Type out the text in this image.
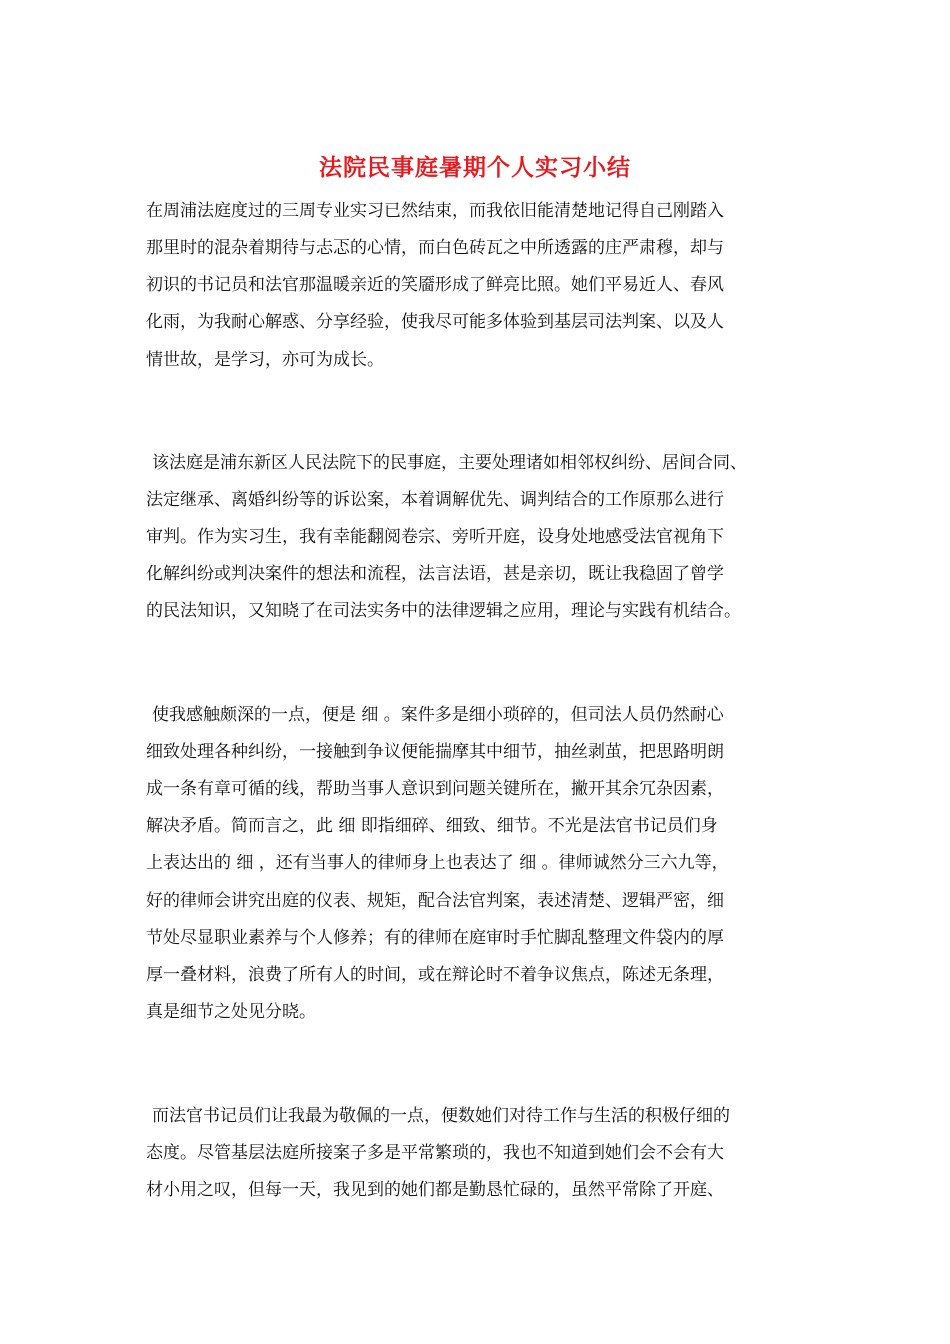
法院民事庭暑期个人实习小结
在周浦法庭度过的三周专业实习已然结束，而我依旧能清楚地记得自己刚踏入
那里时的混杂着期待与忐忑的心情，而白色砖瓦之中所透露的庄严肃穆，却与
初识的书记员和法官那温暖亲近的笑靥形成了鲜亮比照。她们平易近人、春风
化雨，为我耐心解惑、分享经验，使我尽可能多体验到基层司法判案、以及人
情世故，是学习，亦可为成长。
该法庭是浦东新区人民法院下的民事庭，主要处理诸如相邻权纠纷、居间合同、
法定继承、离婚纠纷等的诉讼案，本着调解优先、调判结合的工作原那么进行
审判。作为实习生，我有幸能翻阅卷宗、旁听开庭，设身处地感受法官视角下
化解纠纷或判决案件的想法和流程，法言法语，甚是亲切，既让我稳固了曾学
的民法知识，又知晓了在司法实务中的法律逻辑之应用，理论与实践有机结合。
使我感触颇深的一点，便是 细 。案件多是细小琐碎的，但司法人员仍然耐心
细致处理各种纠纷，一接触到争议便能揣摩其中细节，抽丝剥茧，把思路明朗
成一条有章可循的线，帮助当事人意识到问题关键所在，撇开其余冗杂因素，
解决矛盾。简而言之，此 细 即指细碎、细致、细节。不光是法官书记员们身
上表达出的 细 ，还有当事人的律师身上也表达了 细 。律师诚然分三六九等，
好的律师会讲究出庭的仪表、规矩，配合法官判案，表述清楚、逻辑严密，细
节处尽显职业素养与个人修养；有的律师在庭审时手忙脚乱整理文件袋内的厚
厚一叠材料，浪费了所有人的时间，或在辩论时不着争议焦点，陈述无条理，
真是细节之处见分晓。
而法官书记员们让我最为敬佩的一点，便数她们对待工作与生活的积极仔细的
态度。尽管基层法庭所接案子多是平常繁琐的，我也不知道到她们会不会有大
材小用之叹，但每一天，我见到的她们都是勤恳忙碌的，虽然平常除了开庭、
